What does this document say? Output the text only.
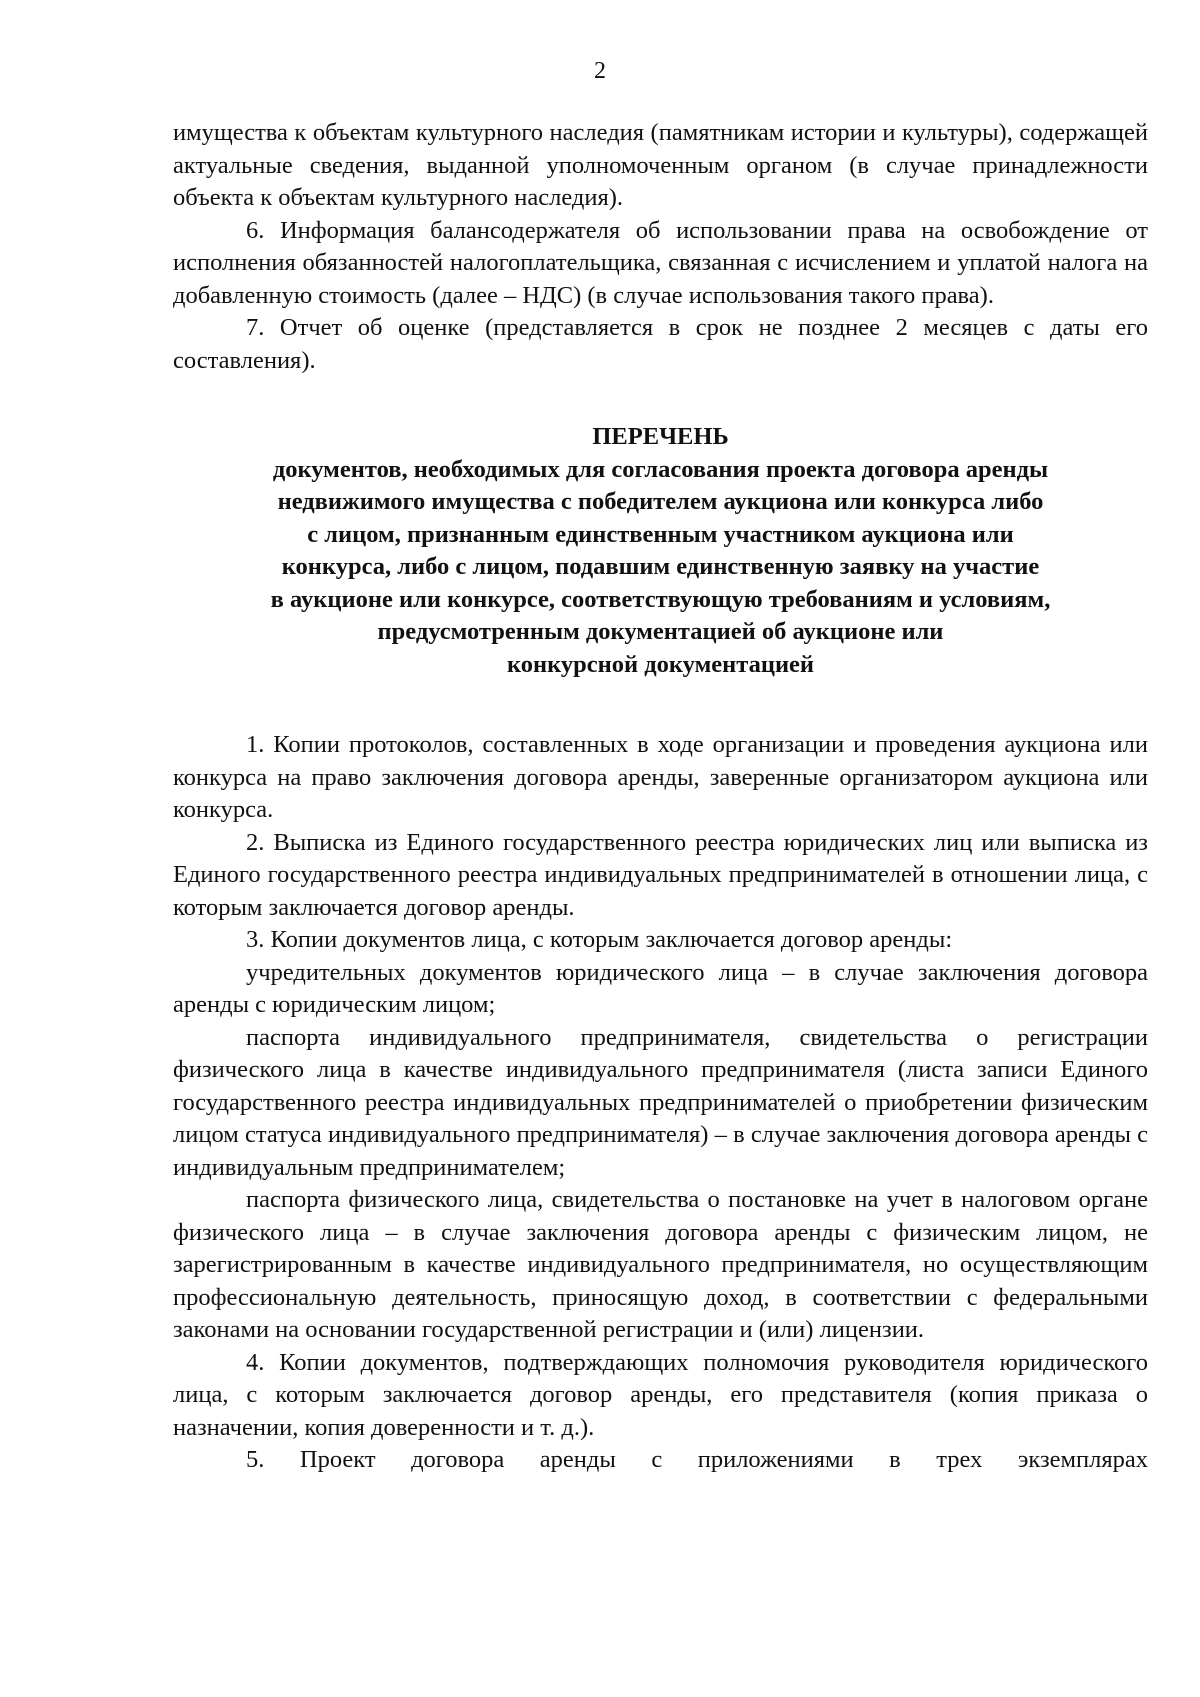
2

имущества к объектам культурного наследия (памятникам истории и культуры), содержащей актуальные сведения, выданной уполномоченным органом (в случае принадлежности объекта к объектам культурного наследия).

6. Информация балансодержателя об использовании права на освобождение от исполнения обязанностей налогоплательщика, связанная с исчислением и уплатой налога на добавленную стоимость (далее – НДС) (в случае использования такого права).

7. Отчет об оценке (представляется в срок не позднее 2 месяцев с даты его составления).

ПЕРЕЧЕНЬ
документов, необходимых для согласования проекта договора аренды
недвижимого имущества с победителем аукциона или конкурса либо
с лицом, признанным единственным участником аукциона или
конкурса, либо с лицом, подавшим единственную заявку на участие
в аукционе или конкурсе, соответствующую требованиям и условиям,
предусмотренным документацией об аукционе или
конкурсной документацией

1. Копии протоколов, составленных в ходе организации и проведения аукциона или конкурса на право заключения договора аренды, заверенные организатором аукциона или конкурса.

2. Выписка из Единого государственного реестра юридических лиц или выписка из Единого государственного реестра индивидуальных предпринимателей в отношении лица, с которым заключается договор аренды.

3. Копии документов лица, с которым заключается договор аренды:

учредительных документов юридического лица – в случае заключения договора аренды с юридическим лицом;

паспорта индивидуального предпринимателя, свидетельства о регистрации физического лица в качестве индивидуального предпринимателя (листа записи Единого государственного реестра индивидуальных предпринимателей о приобретении физическим лицом статуса индивидуального предпринимателя) – в случае заключения договора аренды с индивидуальным предпринимателем;

паспорта физического лица, свидетельства о постановке на учет в налоговом органе физического лица – в случае заключения договора аренды с физическим лицом, не зарегистрированным в качестве индивидуального предпринимателя, но осуществляющим профессиональную деятельность, приносящую доход, в соответствии с федеральными законами на основании государственной регистрации и (или) лицензии.

4. Копии документов, подтверждающих полномочия руководителя юридического лица, с которым заключается договор аренды, его представителя (копия приказа о назначении, копия доверенности и т. д.).

5. Проект договора аренды с приложениями в трех экземплярах
